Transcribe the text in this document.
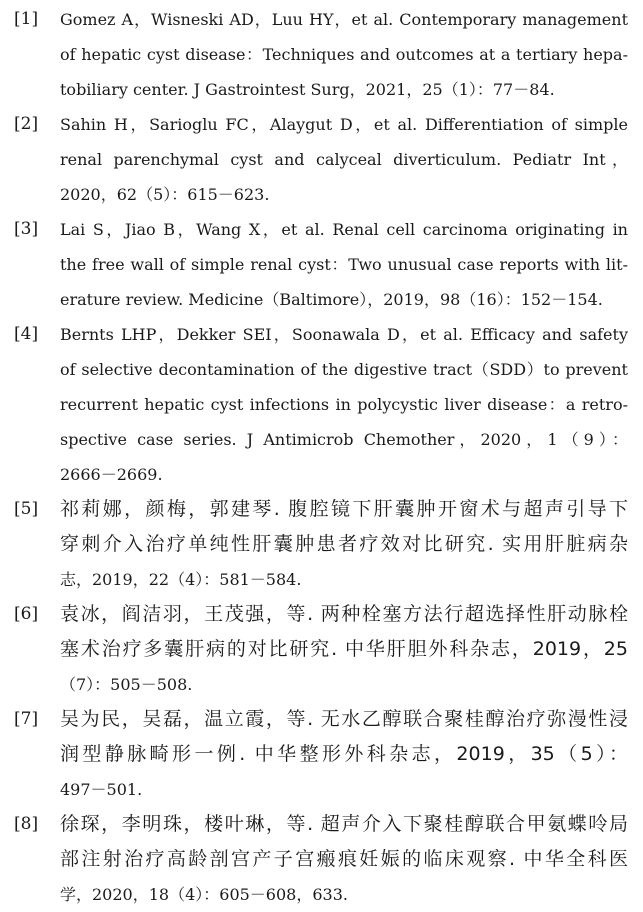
[1]	Gomez A，Wisneski AD，Luu HY，et al. Contemporary management
of hepatic cyst disease：Techniques and outcomes at a tertiary hepa-
tobiliary center. J Gastrointest Surg，2021，25（1）：77－84.
[2]	Sahin H，Sarioglu FC，Alaygut D，et al. Differentiation of simple
renal parenchymal cyst and calyceal diverticulum. Pediatr Int，
2020，62（5）：615－623.
[3]	Lai S，Jiao B，Wang X，et al. Renal cell carcinoma originating in
the free wall of simple renal cyst：Two unusual case reports with lit-
erature review. Medicine（Baltimore），2019，98（16）：152－154.
[4]	Bernts LHP，Dekker SEI，Soonawala D，et al. Efficacy and safety
of selective decontamination of the digestive tract（SDD）to prevent
recurrent hepatic cyst infections in polycystic liver disease：a retro-
spective case series. J Antimicrob Chemother，2020，1（9）：
2666－2669.
[5]	祁莉娜，颜梅，郭建琴. 腹腔镜下肝囊肿开窗术与超声引导下
穿刺介入治疗单纯性肝囊肿患者疗效对比研究. 实用肝脏病杂
志，2019，22（4）：581－584.
[6]	袁冰，阎洁羽，王茂强，等. 两种栓塞方法行超选择性肝动脉栓
塞术治疗多囊肝病的对比研究. 中华肝胆外科杂志，2019，25
（7）：505－508.
[7]	吴为民，吴磊，温立霞，等. 无水乙醇联合聚桂醇治疗弥漫性浸
润型静脉畸形一例. 中华整形外科杂志，2019，35（5）：
497－501.
[8]	徐琛，李明珠，楼叶琳，等. 超声介入下聚桂醇联合甲氨蝶呤局
部注射治疗高龄剖宫产子宫瘢痕妊娠的临床观察. 中华全科医
学，2020，18（4）：605－608，633.
